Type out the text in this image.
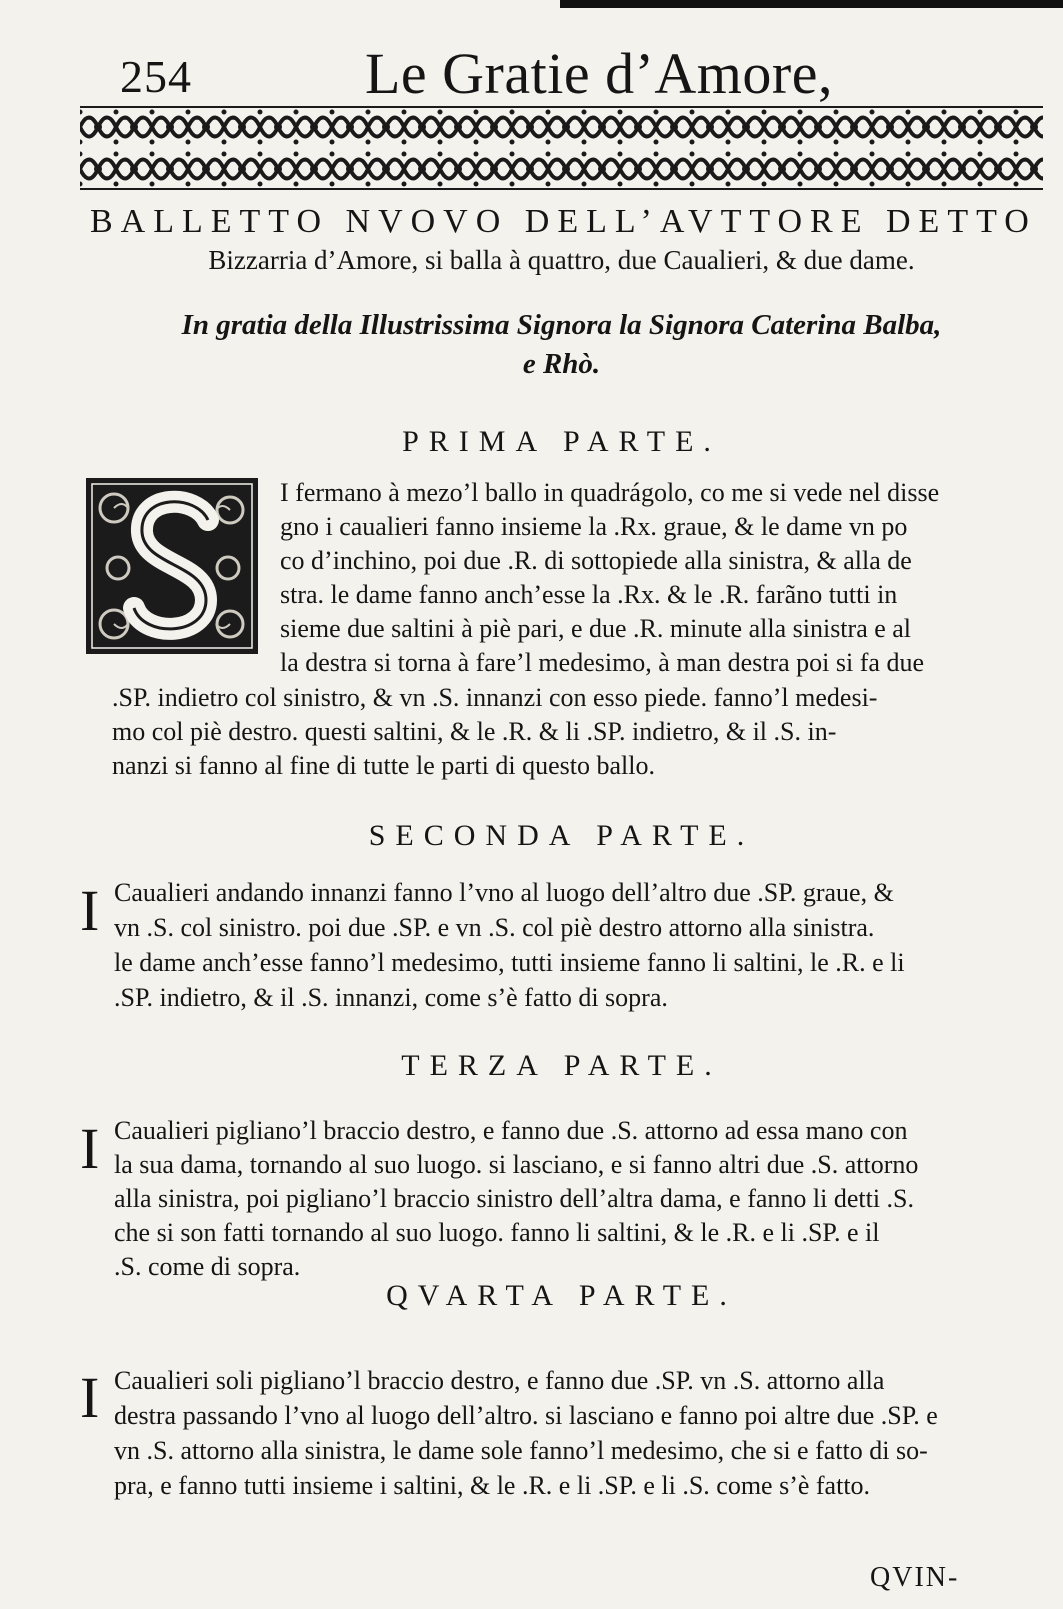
254	Le Gratie d’Amore,
BALLETTO NVOVO DELL’AVTTORE DETTO
Bizzarria d’Amore, si balla à quattro, due Caualieri, & due dame.
In gratia della Illustrissima Signora la Signora Caterina Balba,
e Rhò.
PRIMA PARTE.
I fermano à mezo’l ballo in quadrágolo, co me si vede nel disse
gno i caualieri fanno insieme la .Rx. graue, & le dame vn po
co d’inchino, poi due .R. di sottopiede alla sinistra, & alla de
stra. le dame fanno anch’esse la .Rx. & le .R. farãno tutti in
sieme due saltini à piè pari, e due .R. minute alla sinistra e al
la destra si torna à fare’l medesimo, à man destra poi si fa due
.SP. indietro col sinistro, & vn .S. innanzi con esso piede. fanno’l medesi-
mo col piè destro. questi saltini, & le .R. & li .SP. indietro, & il .S. in-
nanzi si fanno al fine di tutte le parti di questo ballo.
SECONDA PARTE.
I Caualieri andando innanzi fanno l’vno al luogo dell’altro due .SP. graue, &
vn .S. col sinistro. poi due .SP. e vn .S. col piè destro attorno alla sinistra.
le dame anch’esse fanno’l medesimo, tutti insieme fanno li saltini, le .R. e li
.SP. indietro, & il .S. innanzi, come s’è fatto di sopra.
TERZA PARTE.
I Caualieri pigliano’l braccio destro, e fanno due .S. attorno ad essa mano con
la sua dama, tornando al suo luogo. si lasciano, e si fanno altri due .S. attorno
alla sinistra, poi pigliano’l braccio sinistro dell’altra dama, e fanno li detti .S.
che si son fatti tornando al suo luogo. fanno li saltini, & le .R. e li .SP. e il
.S. come di sopra.
QVARTA PARTE.
I Caualieri soli pigliano’l braccio destro, e fanno due .SP. vn .S. attorno alla
destra passando l’vno al luogo dell’altro. si lasciano e fanno poi altre due .SP. e
vn .S. attorno alla sinistra, le dame sole fanno’l medesimo, che si e fatto di so-
pra, e fanno tutti insieme i saltini, & le .R. e li .SP. e li .S. come s’è fatto.
QVIN-
